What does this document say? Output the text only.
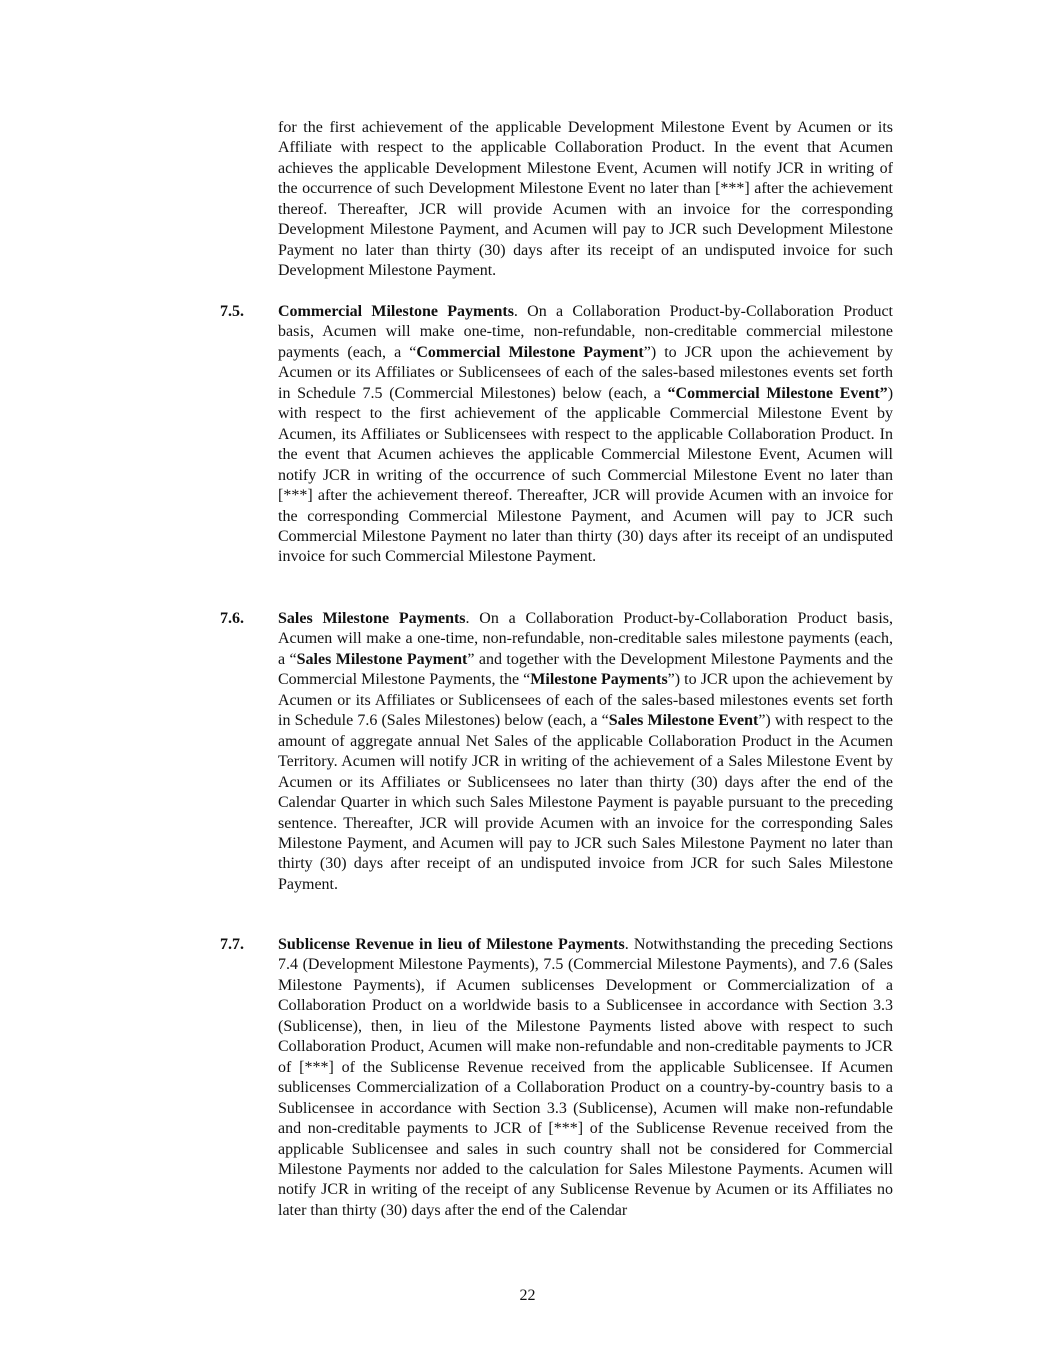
for the first achievement of the applicable Development Milestone Event by Acumen or its Affiliate with respect to the applicable Collaboration Product. In the event that Acumen achieves the applicable Development Milestone Event, Acumen will notify JCR in writing of the occurrence of such Development Milestone Event no later than [***] after the achievement thereof. Thereafter, JCR will provide Acumen with an invoice for the corresponding Development Milestone Payment, and Acumen will pay to JCR such Development Milestone Payment no later than thirty (30) days after its receipt of an undisputed invoice for such Development Milestone Payment.

7.5. Commercial Milestone Payments. On a Collaboration Product-by-Collaboration Product basis, Acumen will make one-time, non-refundable, non-creditable commercial milestone payments (each, a “Commercial Milestone Payment”) to JCR upon the achievement by Acumen or its Affiliates or Sublicensees of each of the sales-based milestones events set forth in Schedule 7.5 (Commercial Milestones) below (each, a “Commercial Milestone Event”) with respect to the first achievement of the applicable Commercial Milestone Event by Acumen, its Affiliates or Sublicensees with respect to the applicable Collaboration Product. In the event that Acumen achieves the applicable Commercial Milestone Event, Acumen will notify JCR in writing of the occurrence of such Commercial Milestone Event no later than [***] after the achievement thereof. Thereafter, JCR will provide Acumen with an invoice for the corresponding Commercial Milestone Payment, and Acumen will pay to JCR such Commercial Milestone Payment no later than thirty (30) days after its receipt of an undisputed invoice for such Commercial Milestone Payment.

7.6. Sales Milestone Payments. On a Collaboration Product-by-Collaboration Product basis, Acumen will make a one-time, non-refundable, non-creditable sales milestone payments (each, a “Sales Milestone Payment” and together with the Development Milestone Payments and the Commercial Milestone Payments, the “Milestone Payments”) to JCR upon the achievement by Acumen or its Affiliates or Sublicensees of each of the sales-based milestones events set forth in Schedule 7.6 (Sales Milestones) below (each, a “Sales Milestone Event”) with respect to the amount of aggregate annual Net Sales of the applicable Collaboration Product in the Acumen Territory. Acumen will notify JCR in writing of the achievement of a Sales Milestone Event by Acumen or its Affiliates or Sublicensees no later than thirty (30) days after the end of the Calendar Quarter in which such Sales Milestone Payment is payable pursuant to the preceding sentence. Thereafter, JCR will provide Acumen with an invoice for the corresponding Sales Milestone Payment, and Acumen will pay to JCR such Sales Milestone Payment no later than thirty (30) days after receipt of an undisputed invoice from JCR for such Sales Milestone Payment.

7.7. Sublicense Revenue in lieu of Milestone Payments. Notwithstanding the preceding Sections 7.4 (Development Milestone Payments), 7.5 (Commercial Milestone Payments), and 7.6 (Sales Milestone Payments), if Acumen sublicenses Development or Commercialization of a Collaboration Product on a worldwide basis to a Sublicensee in accordance with Section 3.3 (Sublicense), then, in lieu of the Milestone Payments listed above with respect to such Collaboration Product, Acumen will make non-refundable and non-creditable payments to JCR of [***] of the Sublicense Revenue received from the applicable Sublicensee. If Acumen sublicenses Commercialization of a Collaboration Product on a country-by-country basis to a Sublicensee in accordance with Section 3.3 (Sublicense), Acumen will make non-refundable and non-creditable payments to JCR of [***] of the Sublicense Revenue received from the applicable Sublicensee and sales in such country shall not be considered for Commercial Milestone Payments nor added to the calculation for Sales Milestone Payments. Acumen will notify JCR in writing of the receipt of any Sublicense Revenue by Acumen or its Affiliates no later than thirty (30) days after the end of the Calendar

22
